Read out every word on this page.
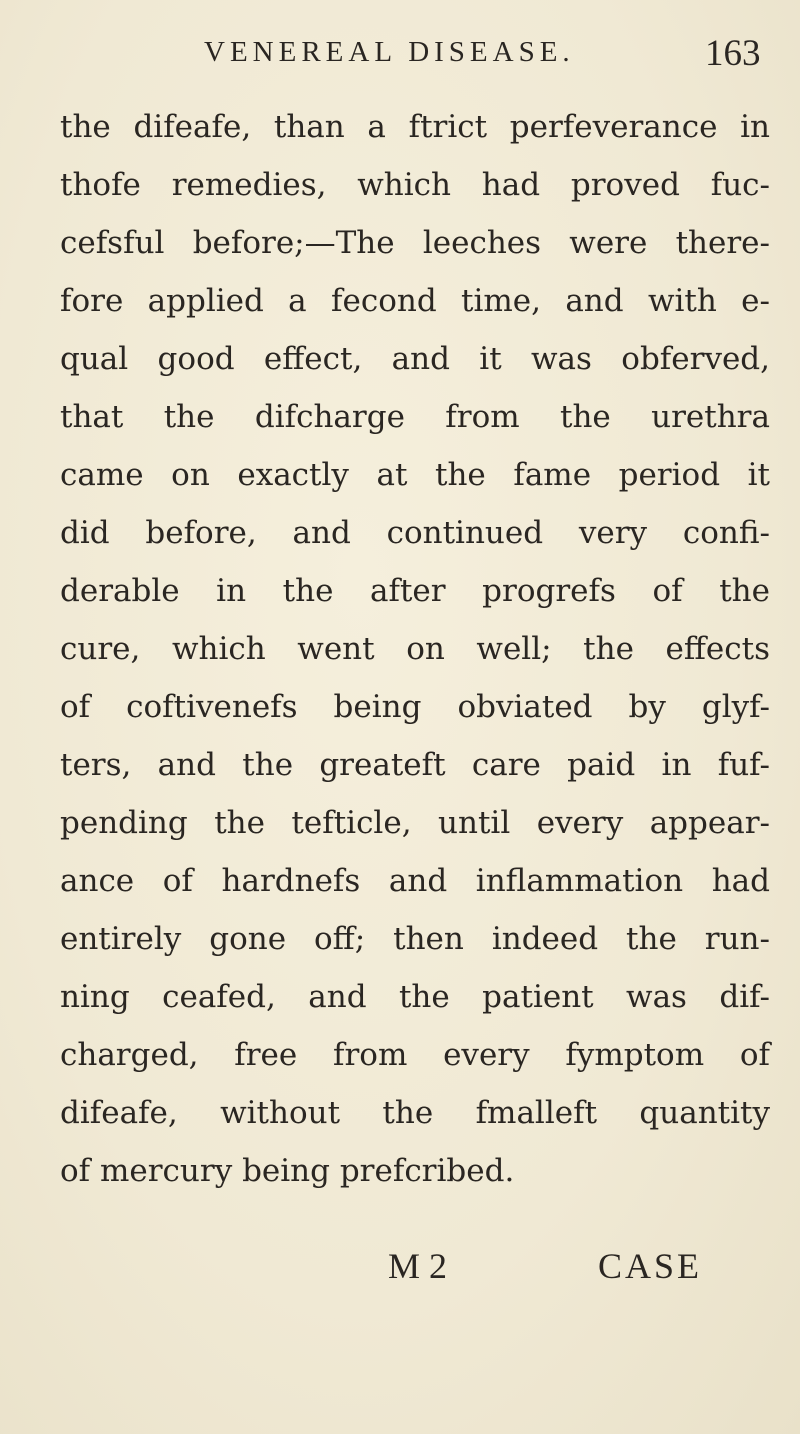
VENEREAL DISEASE.	163
the difeafe, than a ftrict perfeverance in
thofe remedies, which had proved fuc-
cefsful before;—The leeches were there-
fore applied a fecond time, and with e-
qual good effect, and it was obferved,
that the difcharge from the urethra
came on exactly at the fame period it
did before, and continued very confi-
derable in the after progrefs of the
cure, which went on well; the effects
of coftivenefs being obviated by glyf-
ters, and the greateft care paid in fuf-
pending the tefticle, until every appear-
ance of hardnefs and inflammation had
entirely gone off; then indeed the run-
ning ceafed, and the patient was dif-
charged, free from every fymptom of
difeafe, without the fmalleft quantity
of mercury being prefcribed.
M 2	CASE
